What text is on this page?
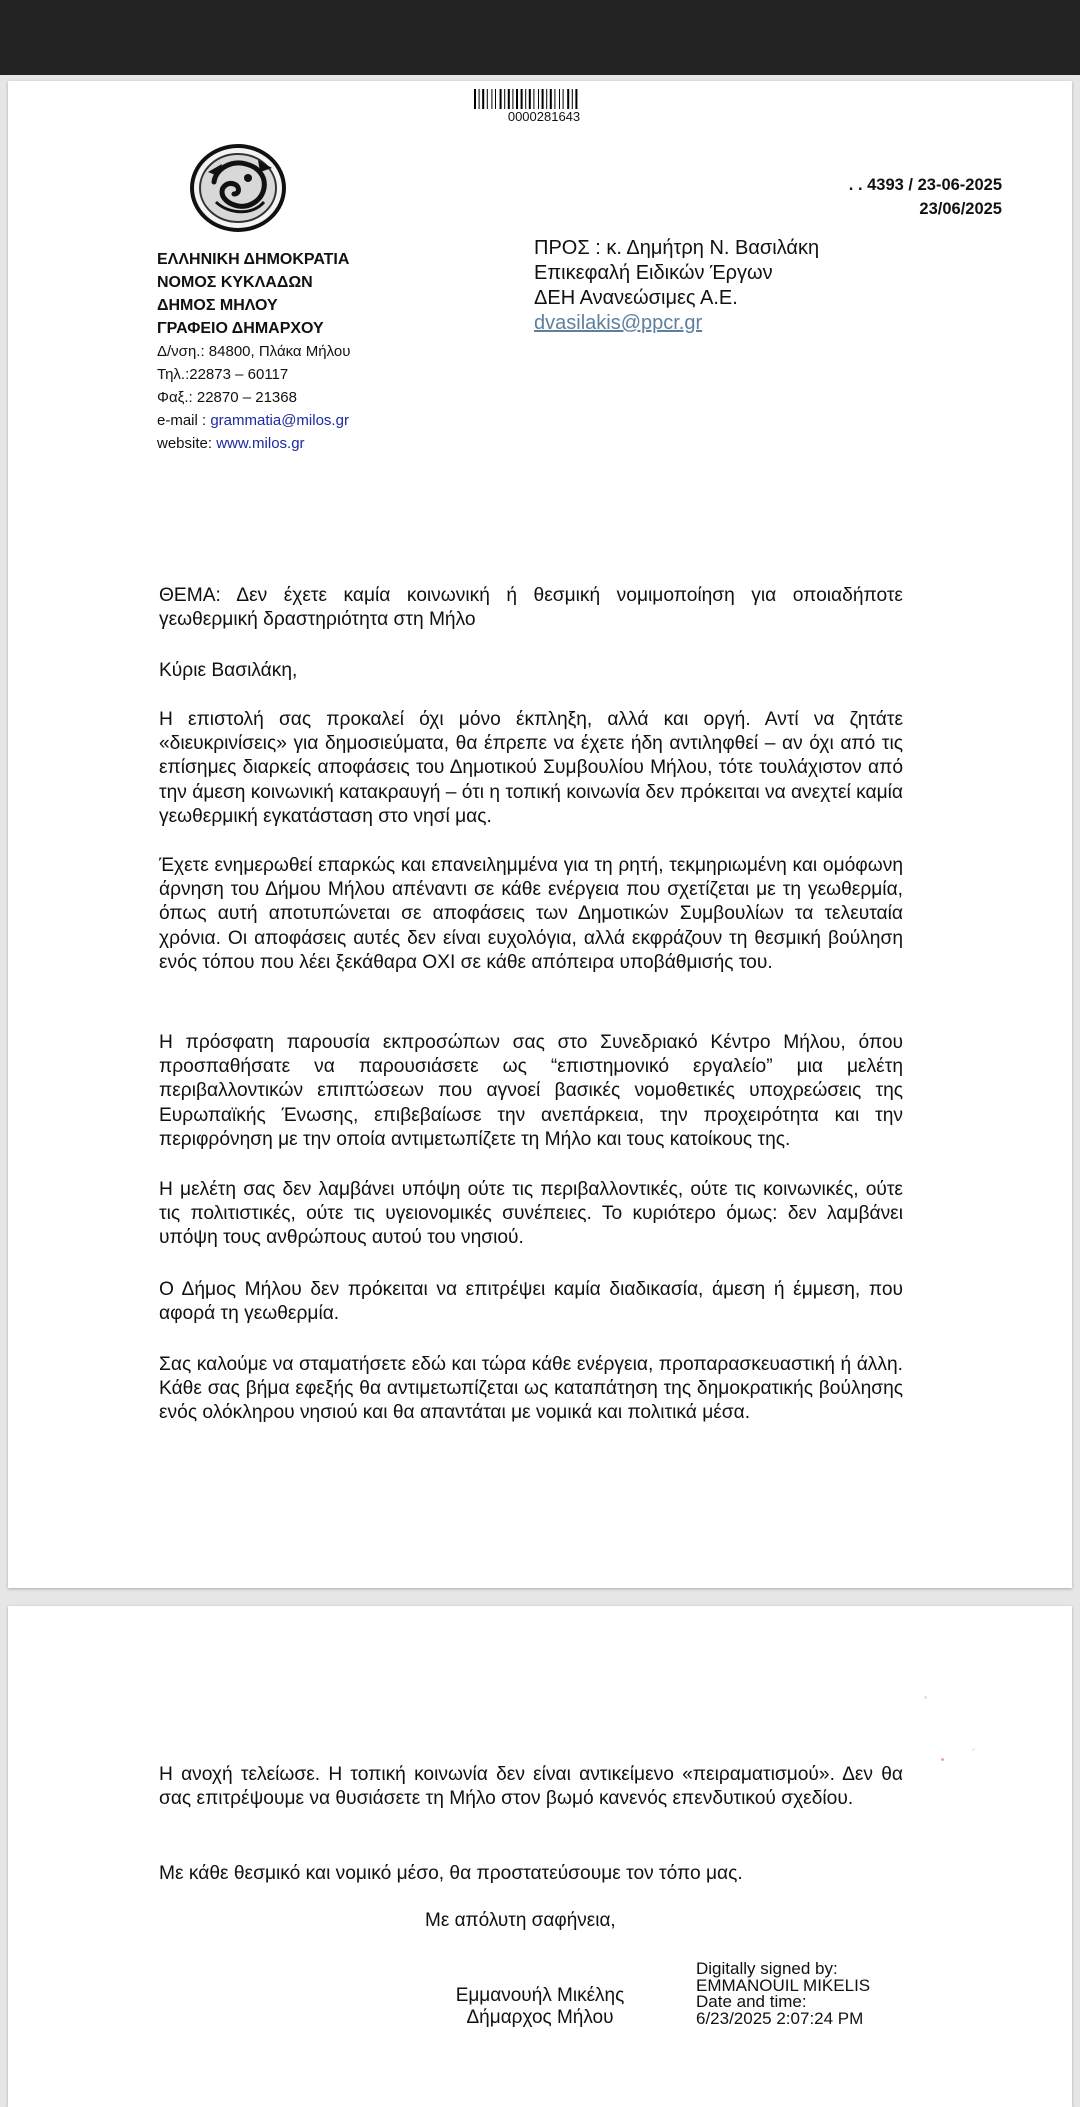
0000281643
. . 4393 / 23-06-2025
23/06/2025
ΕΛΛΗΝΙΚΗ ΔΗΜΟΚΡΑΤΙΑ
ΝΟΜΟΣ ΚΥΚΛΑΔΩΝ
ΔΗΜΟΣ ΜΗΛΟΥ
ΓΡΑΦΕΙΟ ΔΗΜΑΡΧΟΥ
Δ/νση.: 84800, Πλάκα Μήλου
Τηλ.:22873 – 60117
Φαξ.: 22870 – 21368
e-mail : grammatia@milos.gr
website: www.milos.gr
ΠΡΟΣ : κ. Δημήτρη Ν. Βασιλάκη
Επικεφαλή Ειδικών Έργων
ΔΕΗ Ανανεώσιμες Α.Ε.
dvasilakis@ppcr.gr

ΘΕΜΑ: Δεν έχετε καμία κοινωνική ή θεσμική νομιμοποίηση για οποιαδήποτε γεωθερμική δραστηριότητα στη Μήλο

Κύριε Βασιλάκη,

Η επιστολή σας προκαλεί όχι μόνο έκπληξη, αλλά και οργή. Αντί να ζητάτε «διευκρινίσεις» για δημοσιεύματα, θα έπρεπε να έχετε ήδη αντιληφθεί – αν όχι από τις επίσημες διαρκείς αποφάσεις του Δημοτικού Συμβουλίου Μήλου, τότε τουλάχιστον από την άμεση κοινωνική κατακραυγή – ότι η τοπική κοινωνία δεν πρόκειται να ανεχτεί καμία γεωθερμική εγκατάσταση στο νησί μας.

Έχετε ενημερωθεί επαρκώς και επανειλημμένα για τη ρητή, τεκμηριωμένη και ομόφωνη άρνηση του Δήμου Μήλου απέναντι σε κάθε ενέργεια που σχετίζεται με τη γεωθερμία, όπως αυτή αποτυπώνεται σε αποφάσεις των Δημοτικών Συμβουλίων τα τελευταία χρόνια. Οι αποφάσεις αυτές δεν είναι ευχολόγια, αλλά εκφράζουν τη θεσμική βούληση ενός τόπου που λέει ξεκάθαρα ΟΧΙ σε κάθε απόπειρα υποβάθμισής του.

Η πρόσφατη παρουσία εκπροσώπων σας στο Συνεδριακό Κέντρο Μήλου, όπου προσπαθήσατε να παρουσιάσετε ως “επιστημονικό εργαλείο” μια μελέτη περιβαλλοντικών επιπτώσεων που αγνοεί βασικές νομοθετικές υποχρεώσεις της Ευρωπαϊκής Ένωσης, επιβεβαίωσε την ανεπάρκεια, την προχειρότητα και την περιφρόνηση με την οποία αντιμετωπίζετε τη Μήλο και τους κατοίκους της.

Η μελέτη σας δεν λαμβάνει υπόψη ούτε τις περιβαλλοντικές, ούτε τις κοινωνικές, ούτε τις πολιτιστικές, ούτε τις υγειονομικές συνέπειες. Το κυριότερο όμως: δεν λαμβάνει υπόψη τους ανθρώπους αυτού του νησιού.

Ο Δήμος Μήλου δεν πρόκειται να επιτρέψει καμία διαδικασία, άμεση ή έμμεση, που αφορά τη γεωθερμία.

Σας καλούμε να σταματήσετε εδώ και τώρα κάθε ενέργεια, προπαρασκευαστική ή άλλη. Κάθε σας βήμα εφεξής θα αντιμετωπίζεται ως καταπάτηση της δημοκρατικής βούλησης ενός ολόκληρου νησιού και θα απαντάται με νομικά και πολιτικά μέσα.

Η ανοχή τελείωσε. Η τοπική κοινωνία δεν είναι αντικείμενο «πειραματισμού». Δεν θα σας επιτρέψουμε να θυσιάσετε τη Μήλο στον βωμό κανενός επενδυτικού σχεδίου.

Με κάθε θεσμικό και νομικό μέσο, θα προστατεύσουμε τον τόπο μας.

Με απόλυτη σαφήνεια,
Εμμανουήλ Μικέλης
Δήμαρχος Μήλου
Digitally signed by:
EMMANOUIL MIKELIS
Date and time:
6/23/2025 2:07:24 PM
